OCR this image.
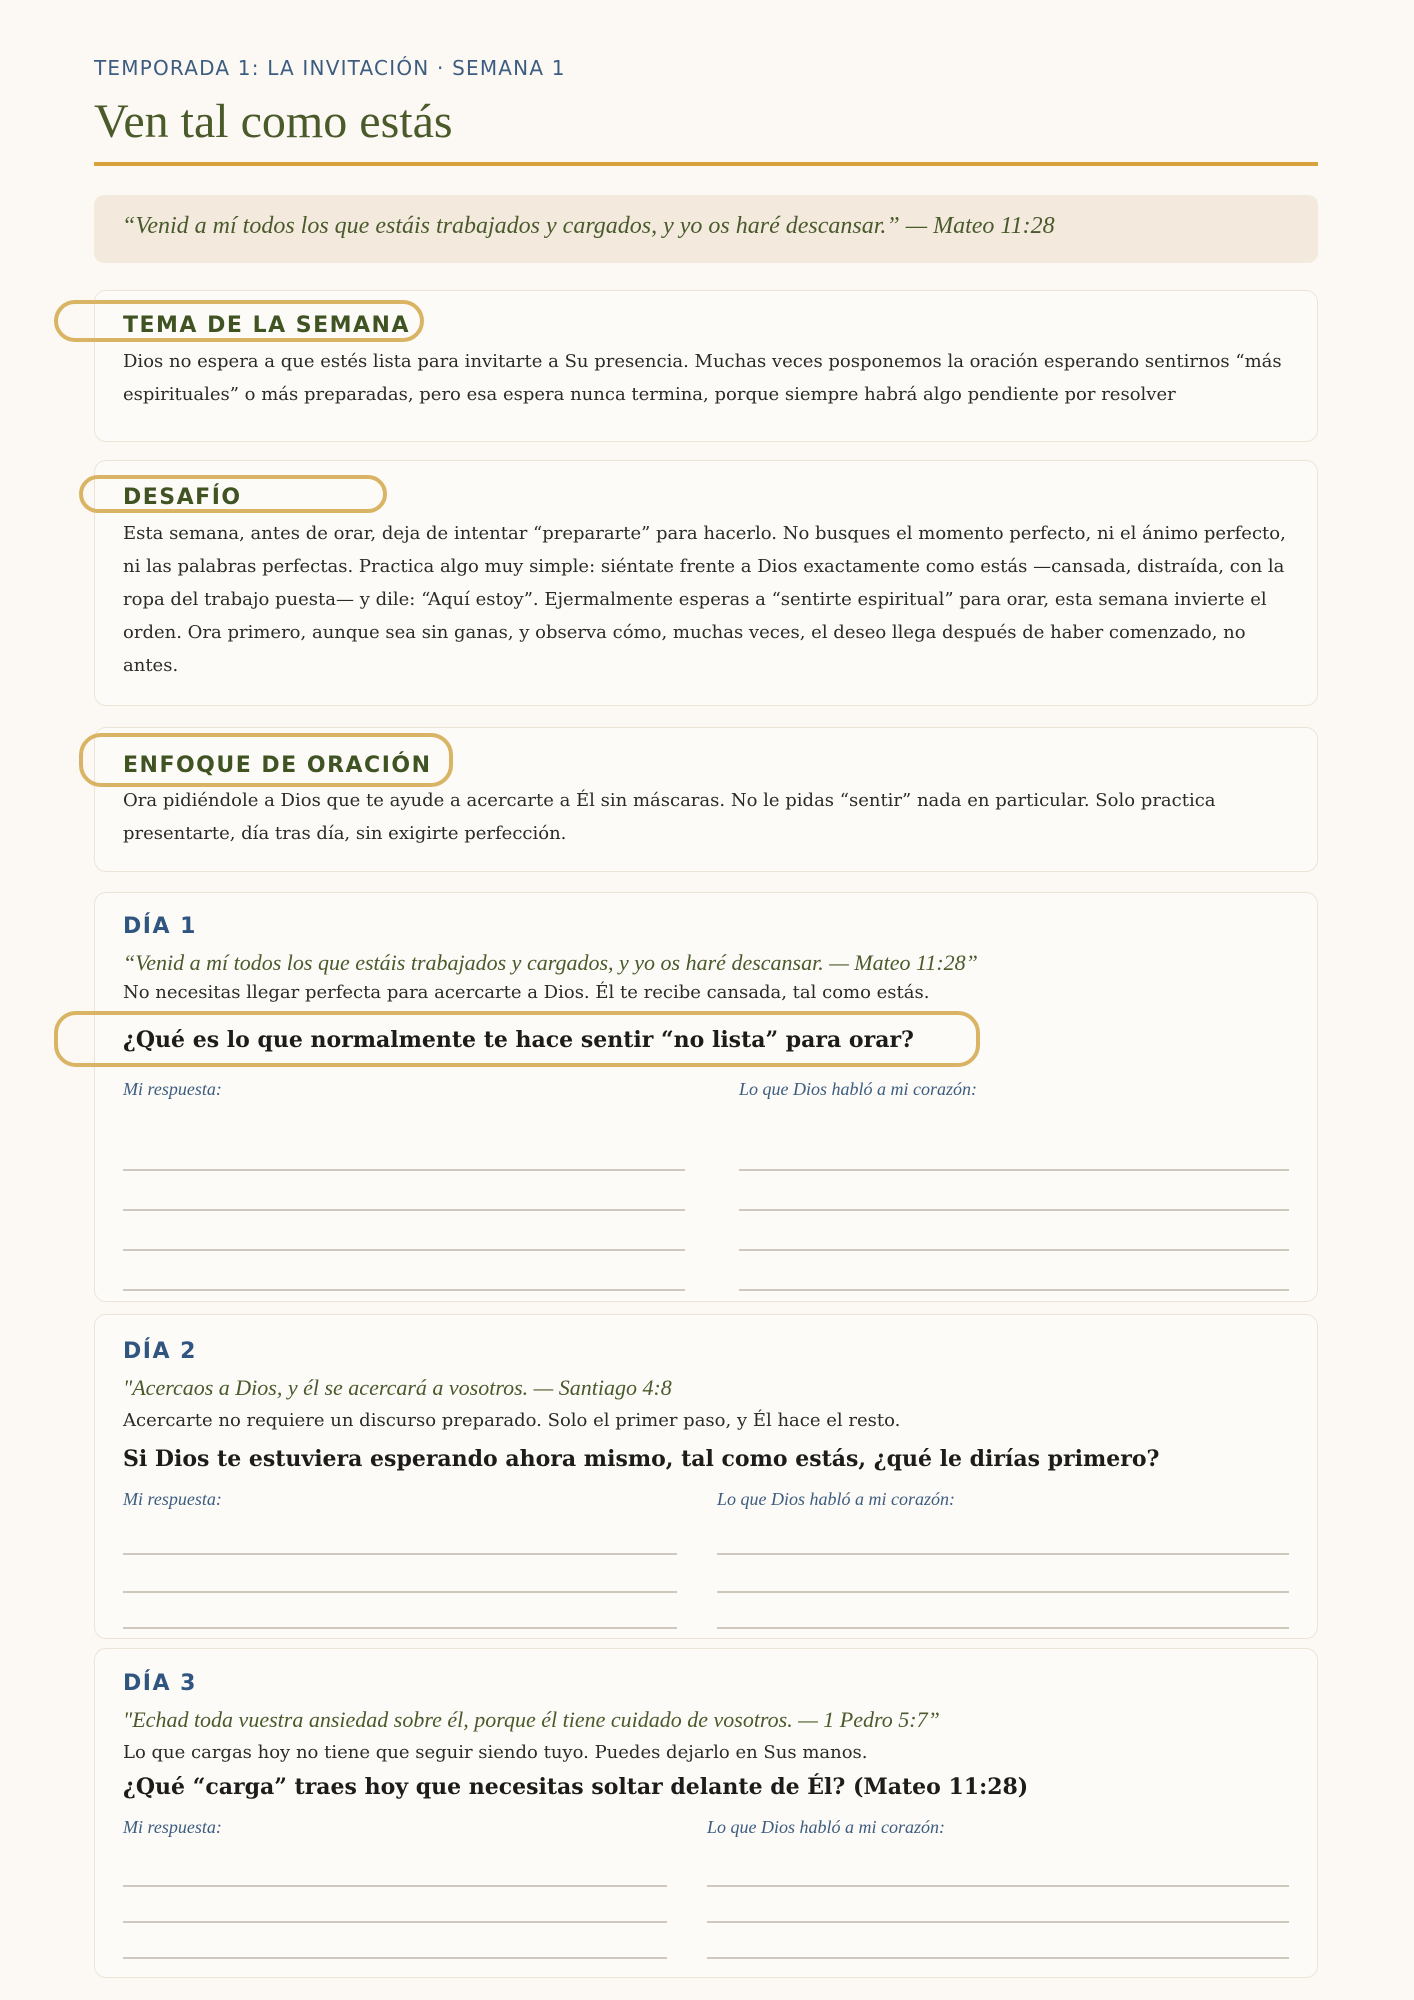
TEMPORADA 1: LA INVITACIÓN · SEMANA 1
Ven tal como estás
“Venid a mí todos los que estáis trabajados y cargados, y yo os haré descansar.” — Mateo 11:28
TEMA DE LA SEMANA
Dios no espera a que estés lista para invitarte a Su presencia. Muchas veces posponemos la oración esperando sentirnos “más espirituales” o más preparadas, pero esa espera nunca termina, porque siempre habrá algo pendiente por resolver
DESAFÍO
Esta semana, antes de orar, deja de intentar “prepararte” para hacerlo. No busques el momento perfecto, ni el ánimo perfecto, ni las palabras perfectas. Practica algo muy simple: siéntate frente a Dios exactamente como estás —cansada, distraída, con la ropa del trabajo puesta— y dile: “Aquí estoy”. Ejermalmente esperas a “sentirte espiritual” para orar, esta semana invierte el orden. Ora primero, aunque sea sin ganas, y observa cómo, muchas veces, el deseo llega después de haber comenzado, no antes.
ENFOQUE DE ORACIÓN
Ora pidiéndole a Dios que te ayude a acercarte a Él sin máscaras. No le pidas “sentir” nada en particular. Solo practica presentarte, día tras día, sin exigirte perfección.
DÍA 1
“Venid a mí todos los que estáis trabajados y cargados, y yo os haré descansar. — Mateo 11:28”
No necesitas llegar perfecta para acercarte a Dios. Él te recibe cansada, tal como estás.
¿Qué es lo que normalmente te hace sentir “no lista” para orar?
Mi respuesta:	Lo que Dios habló a mi corazón:
DÍA 2
"Acercaos a Dios, y él se acercará a vosotros. — Santiago 4:8
Acercarte no requiere un discurso preparado. Solo el primer paso, y Él hace el resto.
Si Dios te estuviera esperando ahora mismo, tal como estás, ¿qué le dirías primero?
Mi respuesta:	Lo que Dios habló a mi corazón:
DÍA 3
"Echad toda vuestra ansiedad sobre él, porque él tiene cuidado de vosotros. — 1 Pedro 5:7”
Lo que cargas hoy no tiene que seguir siendo tuyo. Puedes dejarlo en Sus manos.
¿Qué “carga” traes hoy que necesitas soltar delante de Él? (Mateo 11:28)
Mi respuesta:	Lo que Dios habló a mi corazón:
